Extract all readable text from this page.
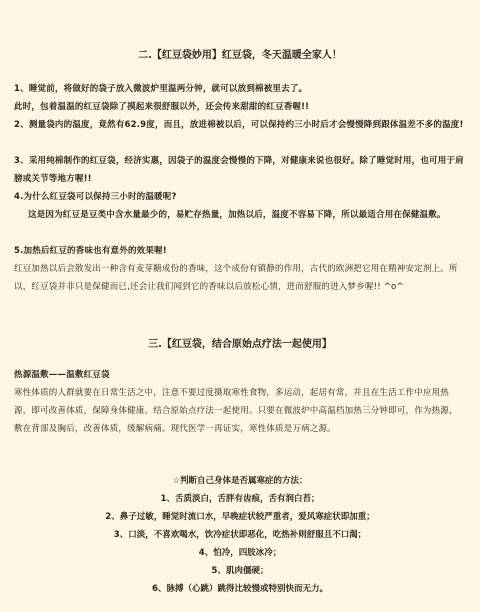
二.【红豆袋妙用】红豆袋，冬天温暖全家人！

1、睡觉前，将做好的袋子放入微波炉里温两分钟，就可以放到棉被里去了。
此时，包着温温的红豆袋除了摸起来很舒服以外，还会传来甜甜的红豆香喔!!

2、测量袋内的温度，竟然有62.9度，而且，放进棉被以后，可以保持约三小时后才会慢慢降到跟体温差不多的温度!

3、采用纯棉制作的红豆袋，经济实惠，因袋子的温度会慢慢的下降，对健康来说也很好。除了睡觉时用，也可用于肩膀或关节等地方喔!!

4.为什么红豆袋可以保持三小时的温暖呢?

这是因为红豆是豆类中含水量最少的，易贮存热量，加热以后，温度不容易下降，所以最适合用在保健温敷。

5.加热后红豆的香味也有意外的效果喔!

红豆加热以后会散发出一种含有麦芽糖成份的香味，这个成份有镇静的作用，古代的欧洲把它用在精神安定剂上。所以，红豆袋并非只是保健而已,还会让我们闻到它的香味以后放松心情，进而舒服的进入梦乡喔!! ^o^

三.【红豆袋，结合原始点疗法一起使用】

热源温敷——温敷红豆袋

寒性体质的人群就要在日常生活之中，注意不要过度摄取寒性食物，多运动，起居有常，并且在生活工作中应用热源，即可改善体质，保障身体健康。结合原始点疗法一起使用。只要在微波炉中高温档加热三分钟即可，作为热源，敷在背部及胸后，改善体质，缓解病痛。现代医学一再证实，寒性体质是万病之源。

☆判断自己身体是否属寒症的方法：

1、舌质淡白，舌胖有齿痕，舌有润白苔；

2、鼻子过敏，睡觉时流口水，早晚症状较严重者，爱风寒症状即加重；

3、口淡，不喜欢喝水，饮冷症状即恶化，吃热补则舒服且不口渴；

4、怕冷，四肢冰冷；

5、肌肉僵硬；

6、脉搏（心跳）跳得比较慢或特别快而无力。
